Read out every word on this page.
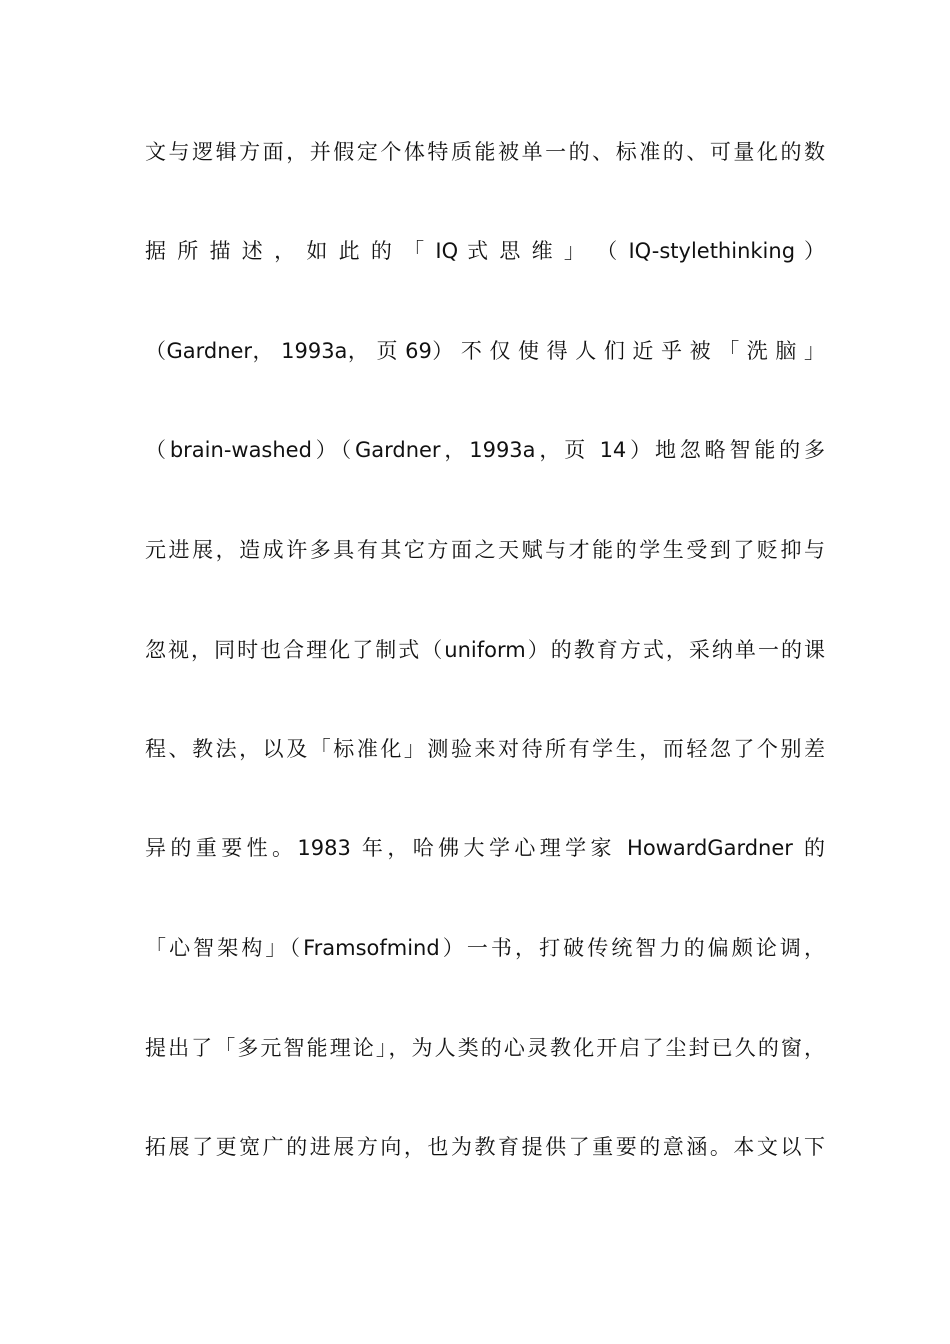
文与逻辑方面，并假定个体特质能被单一的、标准的、可量化的数
据 所 描 述 ， 如 此 的 「 IQ 式 思 维 」 （ IQ-stylethinking ）
（Gardner， 1993a， 页 69） 不 仅 使 得 人 们 近 乎 被 「 洗 脑 」
（brain-washed）（Gardner，1993a，页 14）地忽略智能的多
元进展，造成许多具有其它方面之天赋与才能的学生受到了贬抑与
忽视，同时也合理化了制式（uniform）的教育方式，采纳单一的课
程、教法，以及「标准化」测验来对待所有学生，而轻忽了个别差
异的重要性。1983 年，哈佛大学心理学家 HowardGardner 的
「心智架构」（Framsofmind）一书，打破传统智力的偏颇论调，
提出了「多元智能理论」，为人类的心灵教化开启了尘封已久的窗，
拓展了更宽广的进展方向，也为教育提供了重要的意涵。本文以下
